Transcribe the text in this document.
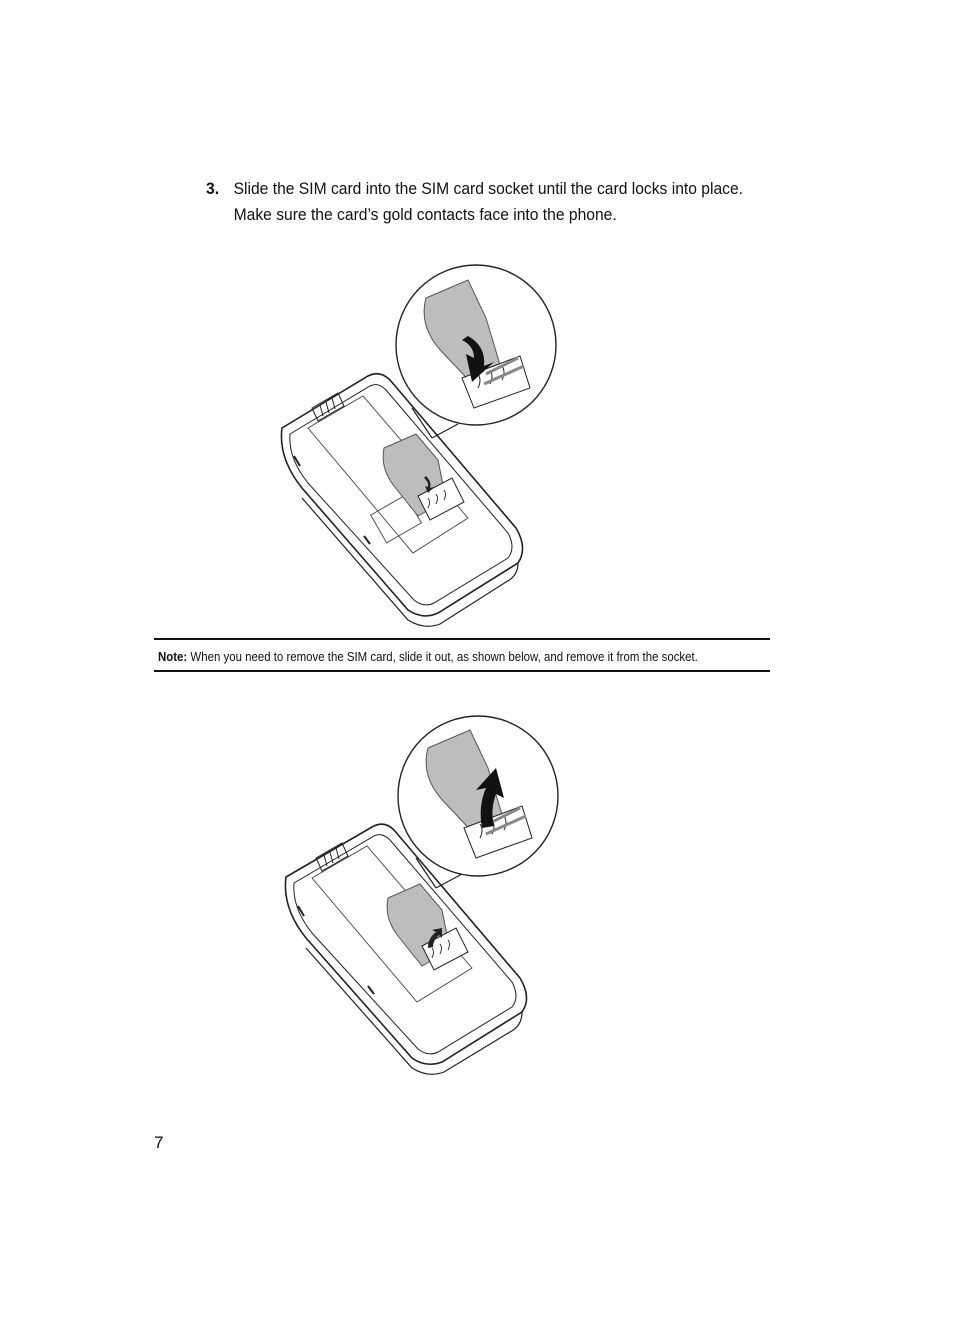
3. Slide the SIM card into the SIM card socket until the card locks into place.
Make sure the card’s gold contacts face into the phone.
Note: When you need to remove the SIM card, slide it out, as shown below, and remove it from the socket.
7
